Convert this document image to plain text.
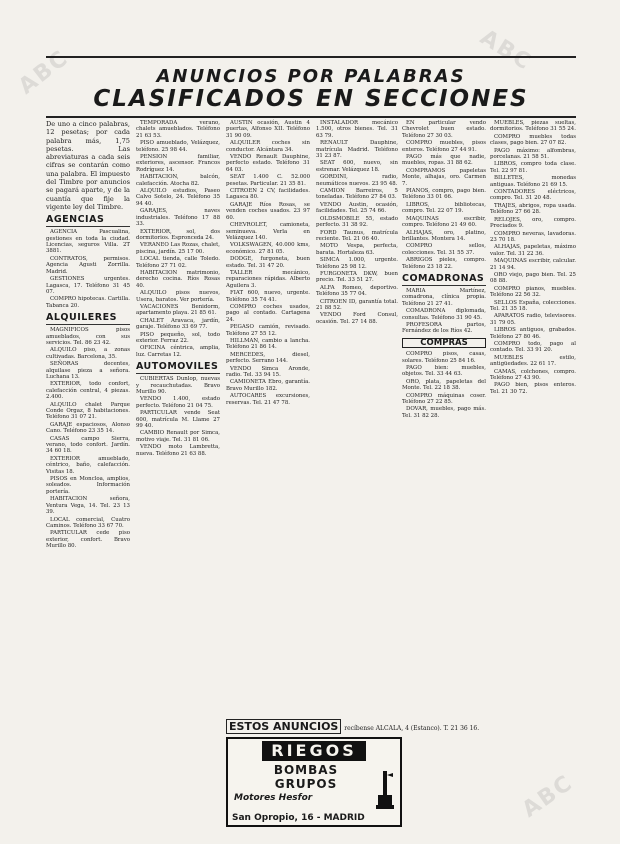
ABC	ABC
ABC
ANUNCIOS POR PALABRAS
CLASIFICADOS EN SECCIONES
De uno a cinco palabras, 12 pesetas; por cada palabra más, 1,75 pesetas. Las abreviaturas a cada seis cifras se contarán como una palabra. El impuesto del Timbre por anuncios se pagará aparte, y de la cuantía que fije la vigente ley del Timbre.
AGENCIAS

AGENCIA Pascualina, gestiones en toda la ciudad. Licencias, seguros Villa. 2T 3881.

CONTRATOS, permisos. Agencia Agusti Zorrilla. Madrid.

GESTIONES urgentes. Lagasca, 17. Teléfono 31 45 07.

COMPRO hipotecas. Cartilla. Tabanca 20.

ALQUILERES

MAGNIFICOS pisos amueblados, con sus servicios. Tel. 86 23 42.

ALQUILO piso, a zonas cultivadas. Barcelona, 35.

SEÑORAS decentes, alquilase pieza a señora. Luchana 13.

EXTERIOR, todo confort, calefacción central, 4 piezas. 2.400.

ALQUILO chalet Parque Conde Orgaz, 8 habitaciones. Teléfono 31 07 21.

GARAJE espaciosos, Alonso Cano. Teléfono 23 35 14.

CASAS campo Sierra, verano, todo confort. Jardín. 34 60 18.

EXTERIOR amueblado, céntrico, baño, calefacción. Visitas 18.

PISOS en Moncloa, amplios, soleados. Información portería.

HABITACION señora, Ventura Vega, 14. Tel. 23 13 39.

LOCAL comercial, Cuatro Caminos. Teléfono 33 67 70.

PARTICULAR cede piso exterior, confort. Bravo Murillo 80.

TEMPORADA verano, chalets amueblados. Teléfono 21 63 53.

PISO amueblado, Velázquez, teléfono. 25 98 44.

PENSION familiar, exteriores, ascensor. Francos Rodríguez 14.

HABITACION, balcón, calefacción. Atocha 82.

ALQUILO estudios, Paseo Calvo Sotelo, 24. Teléfono 35 94 40.

GARAJES, naves industriales. Teléfono 17 88 33.

EXTERIOR, sol, dos dormitorios. Espronceda 24.

VERANEO Las Rozas, chalet, piscina, jardín. 25 17 00.

LOCAL tienda, calle Toledo. Teléfono 27 71 02.

HABITACION matrimonio, derecho cocina. Ríos Rosas 40.

ALQUILO pisos nuevos, Usera, baratos. Ver portería.

VACACIONES Benidorm, apartamento playa. 21 85 61.

CHALET Aravaca, jardín, garaje. Teléfono 33 69 77.

PISO pequeño, sol, todo exterior. Ferraz 22.

OFICINA céntrica, amplia, luz. Carretas 12.

AUTOMOVILES

CUBIERTAS Dunlop, nuevas y recauchutadas. Bravo Murillo 90.

VENDO 1.400, estado perfecto. Teléfono 21 04 75.

PARTICULAR vende Seat 600, matrícula M. Llame 27 99 40.

CAMBIO Renault por Simca, motivo viaje. Tel. 31 81 06.

VENDO moto Lambretta, nueva. Teléfono 21 63 88.

AUSTIN ocasión, Austin 4 puertas, Alfonso XII. Teléfono 31 90 09.

ALQUILER coches sin conductor. Alcántara 34.

VENDO Renault Dauphine, perfecto estado. Teléfono 31 64 03.

SEAT 1.400 C. 52.000 pesetas. Particular. 21 35 81.

CITROEN 2 CV, facilidades. Lagasca 80.

GARAJE Ríos Rosas, se venden coches usados. 23 97 60.

CHEVROLET, camioneta, seminueva. Verla en Velázquez 140.

VOLKSWAGEN, 40.000 kms, económico. 27 81 05.

DODGE, furgoneta, buen estado. Tel. 31 47 20.

TALLER mecánico, reparaciones rápidas. Alberto Aguilera 3.

FIAT 600, nuevo, urgente. Teléfono 35 74 41.

COMPRO coches usados, pago al contado. Cartagena 24.

PEGASO camión, revisado. Teléfono 27 55 12.

HILLMAN, cambio a lancha. Teléfono 21 86 14.

MERCEDES, diesel, perfecto. Serrano 144.

VENDO Simca Aronde, radio. Tel. 33 94 15.

CAMIONETA Ebro, garantía. Bravo Murillo 182.

AUTOCARES excursiones, reservas. Tel. 21 47 78.

INSTALADOR mecánico 1.500, otros bienes. Tel. 31 63 79.

RENAULT Dauphine, matrícula Madrid. Teléfono 31 23 87.

SEAT 600, nuevo, sin estrenar. Velázquez 18.

GORDINI, radio, neumáticos nuevos. 23 95 48.

CAMION Barreiros, 5 toneladas. Teléfono 27 84 03.

VENDO Austin, ocasión, facilidades. Tel. 25 74 66.

OLDSMOBILE 55, estado perfecto. 31 38 92.

FORD Taunus, matrícula reciente. Tel. 21 06 40.

MOTO Vespa, perfecta, barata. Hortaleza 63.

SIMCA 1.000, urgente. Teléfono 25 98 12.

FURGONETA DKW, buen precio. Tel. 33 51 27.

ALFA Romeo, deportivo. Teléfono 35 77 04.

CITROEN ID, garantía total. 21 88 52.

VENDO Ford Consul, ocasión. Tel. 27 14 88.

EN particular vendo Chevrolet buen estado. Teléfono 27 30 03.

COMPRO muebles, pisos enteros. Teléfono 27 44 91.

PAGO más que nadie, muebles, ropas. 31 88 62.

COMPRAMOS papeletas Monte, alhajas, oro. Carmen 7.

PIANOS, compro, pago bien. Teléfono 33 01 66.

LIBROS, bibliotecas, compro. Tel. 22 07 19.

MAQUINAS escribir, compro. Teléfono 21 49 60.

ALHAJAS, oro, platino, brillantes. Montera 14.

COMPRO sellos, colecciones. Tel. 31 55 37.

ABRIGOS pieles, compro. Teléfono 23 18 22.

COMADRONAS

MARIA Martínez, comadrona, clínica propia. Teléfono 21 27 41.

COMADRONA diplomada, consultas. Teléfono 31 90 45.

PROFESORA partos, Fernández de los Ríos 42.

COMPRAS

COMPRO pisos, casas, solares. Teléfono 25 84 16.

PAGO bien: muebles, objetos. Tel. 33 44 63.

ORO, plata, papeletas del Monte. Tel. 22 18 38.

COMPRO máquinas coser. Teléfono 27 22 85.

DOVAR, muebles, pago más. Tel. 31 82 28.

MUEBLES, piezas sueltas, dormitorios. Teléfono 31 55 24.

COMPRO muebles todas clases, pago bien. 27 07 82.

PAGO máximo: alfombras, porcelanas. 21 58 51.

LIBROS, compro toda clase. Tel. 22 97 81.

BILLETES, monedas antiguas. Teléfono 21 69 15.

CONTADORES eléctricos, compro. Tel. 31 20 48.

TRAJES, abrigos, ropa usada. Teléfono 27 66 28.

RELOJES, oro, compro. Preciados 9.

COMPRO neveras, lavadoras. 23 70 18.

ALHAJAS, papeletas, máximo valor. Tel. 31 22 36.

MAQUINAS escribir, calcular. 21 14 94.

ORO viejo, pago bien. Tel. 25 08 88.

COMPRO pianos, muebles. Teléfono 22 56 32.

SELLOS España, colecciones. Tel. 21 35 18.

APARATOS radio, televisores. 31 79 05.

LIBROS antiguos, grabados. Teléfono 27 80 46.

COMPRO todo, pago al contado. Tel. 33 91 20.

MUEBLES estilo, antigüedades. 22 61 17.

CAMAS, colchones, compro. Teléfono 27 43 90.

PAGO bien, pisos enteros. Tel. 21 30 72.

ESTOS ANUNCIOS recíbense ALCALA, 4 (Estanco). T. 21 36 16.
RIEGOS
BOMBAS
GRUPOS
Motores Hesfor
San Opropio, 16 - MADRID
